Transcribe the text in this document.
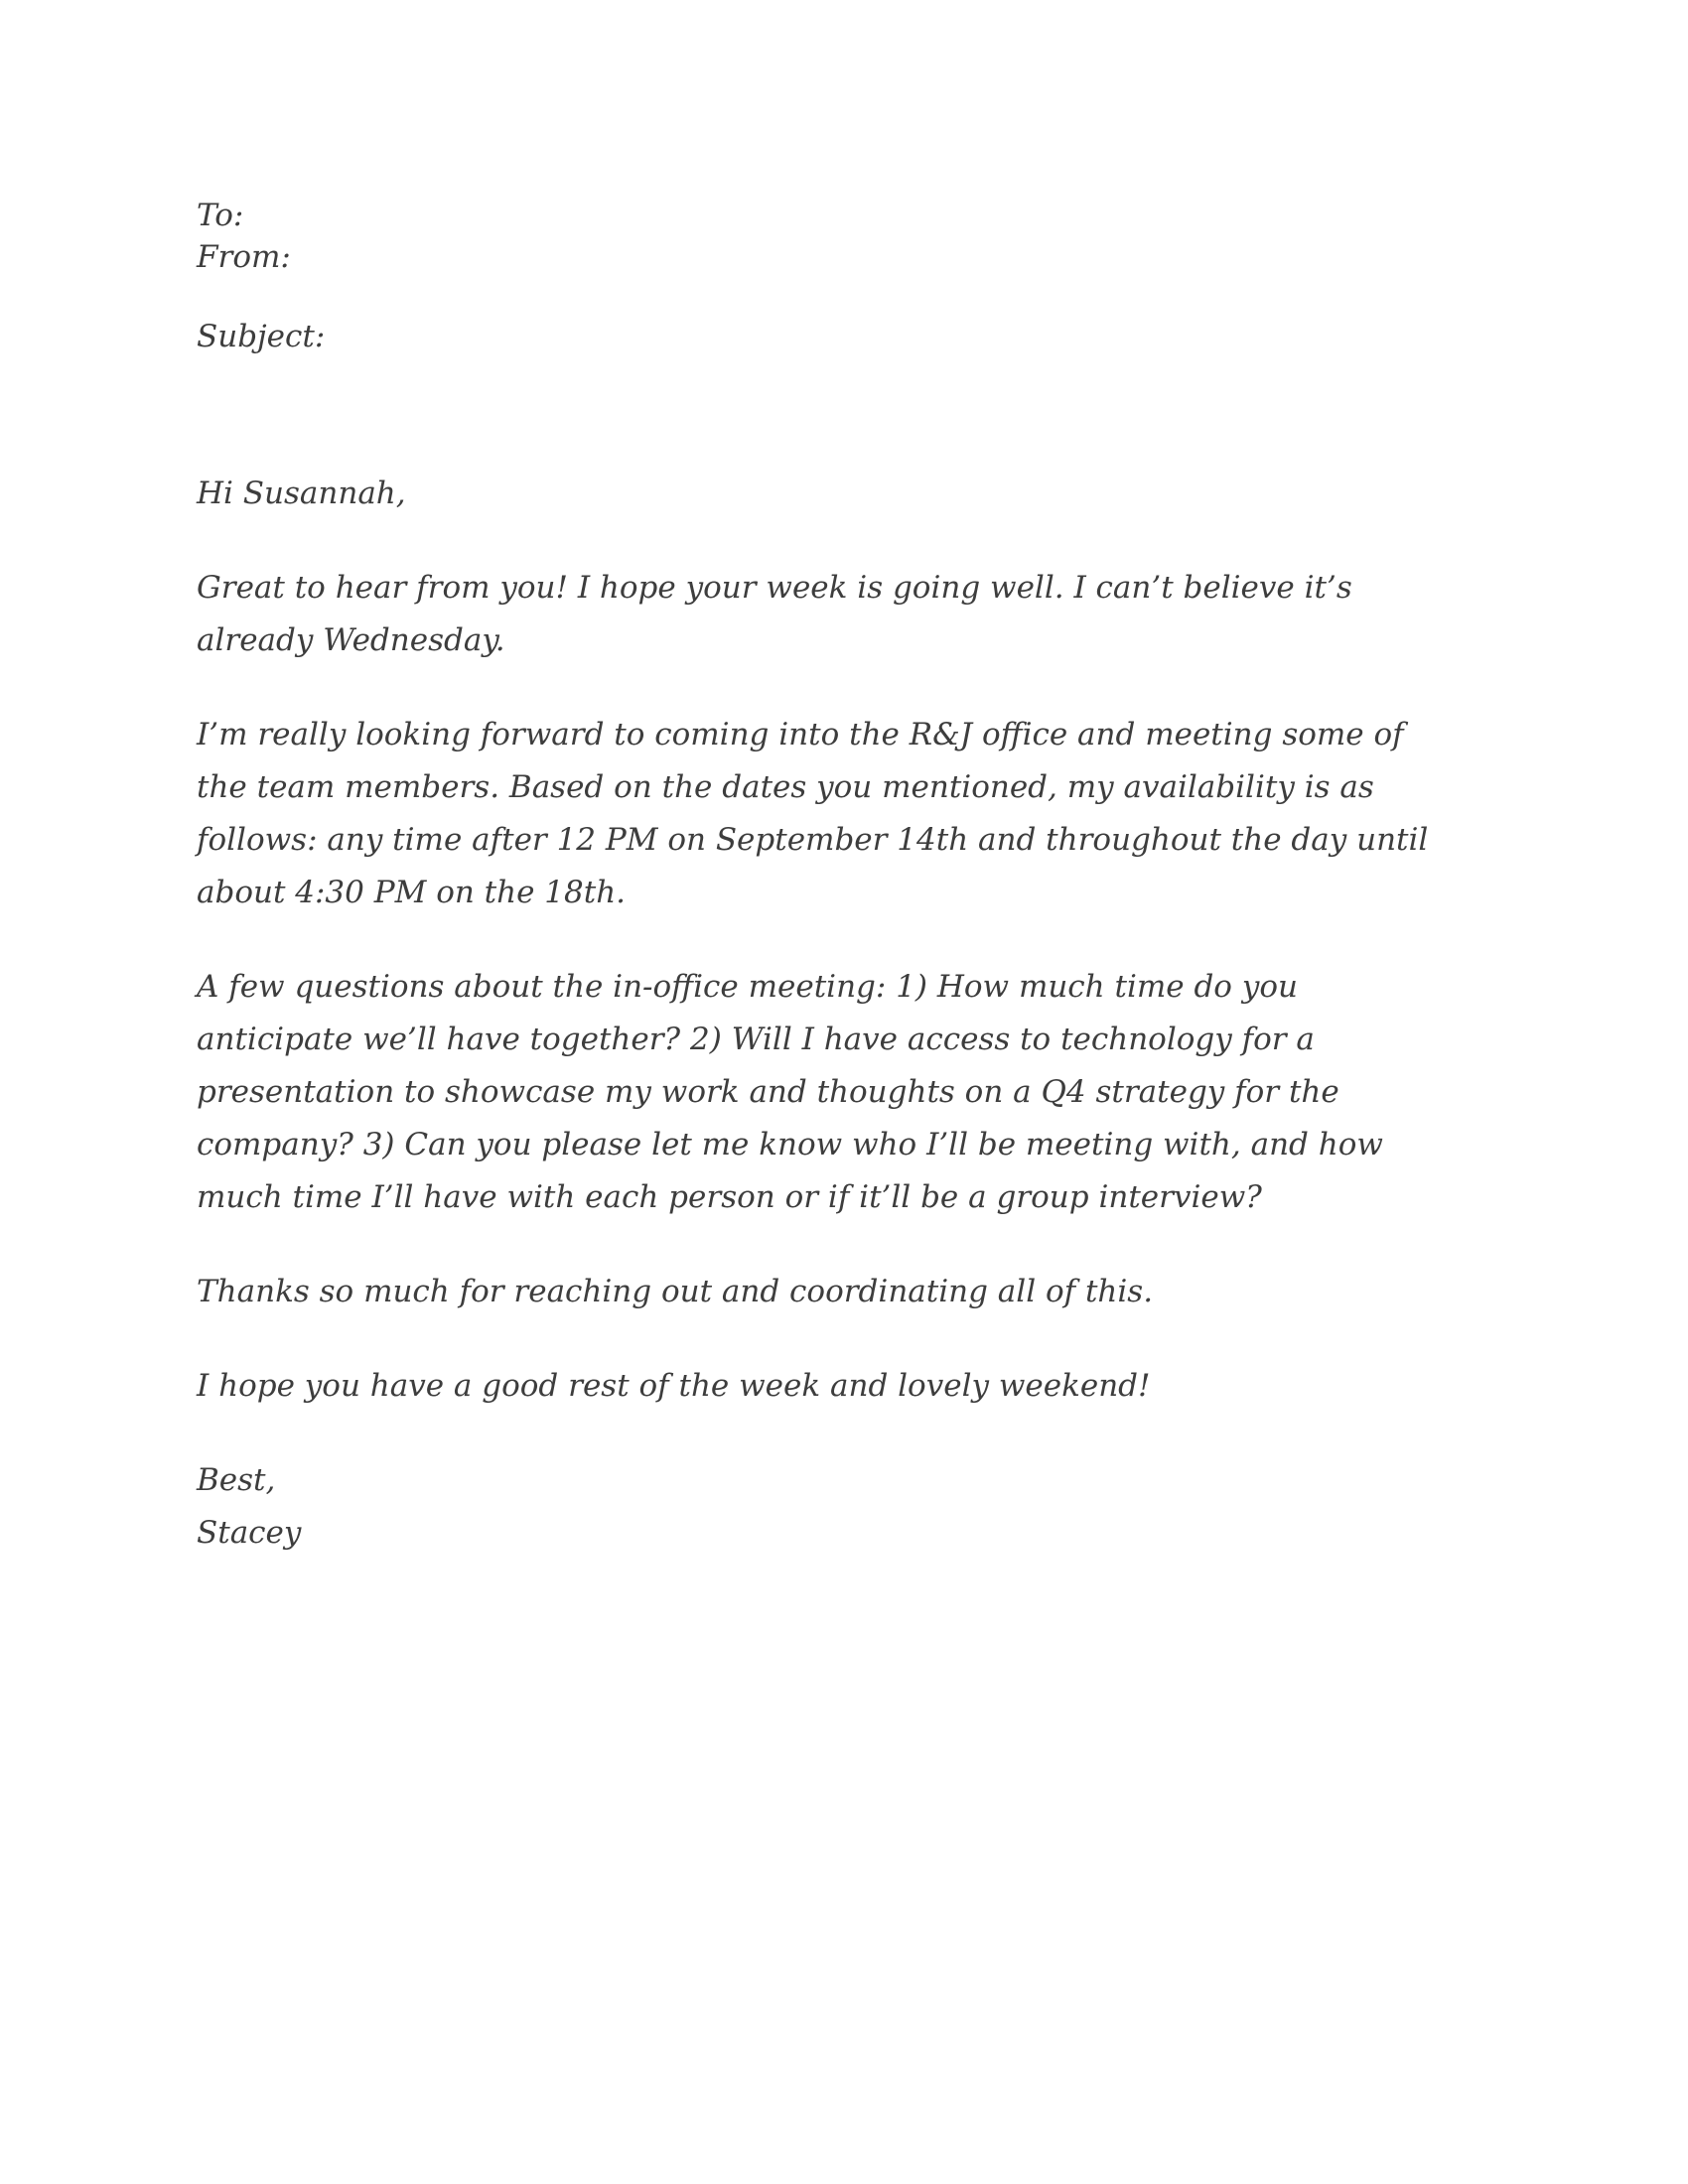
To:
From:
Subject:
Hi Susannah,
Great to hear from you! I hope your week is going well. I can’t believe it’s
already Wednesday.
I’m really looking forward to coming into the R&J office and meeting some of
the team members. Based on the dates you mentioned, my availability is as
follows: any time after 12 PM on September 14th and throughout the day until
about 4:30 PM on the 18th.
A few questions about the in-office meeting: 1) How much time do you
anticipate we’ll have together? 2) Will I have access to technology for a
presentation to showcase my work and thoughts on a Q4 strategy for the
company? 3) Can you please let me know who I’ll be meeting with, and how
much time I’ll have with each person or if it’ll be a group interview?
Thanks so much for reaching out and coordinating all of this.
I hope you have a good rest of the week and lovely weekend!
Best,
Stacey
